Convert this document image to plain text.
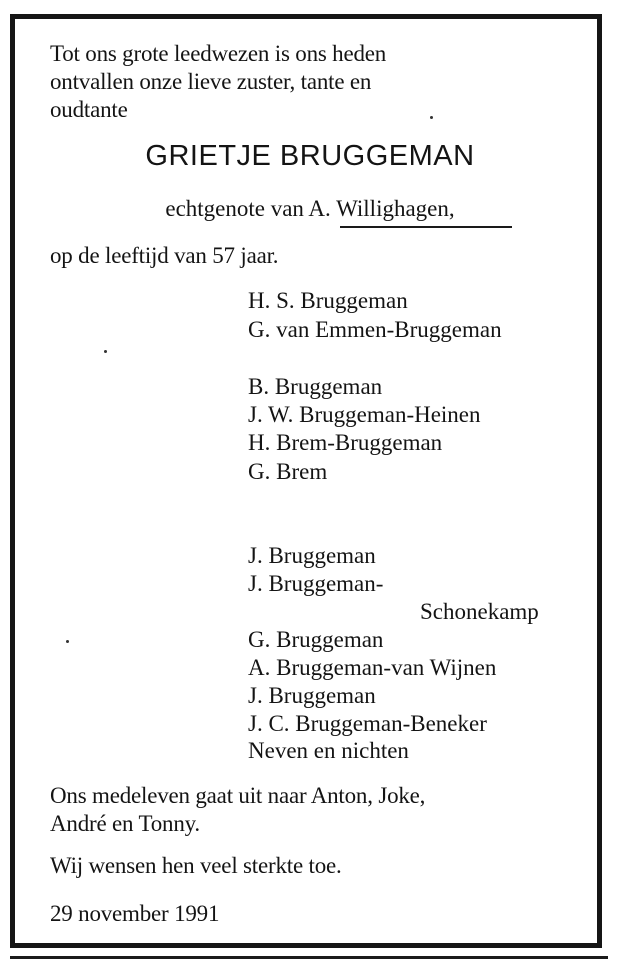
Tot ons grote leedwezen is ons heden
ontvallen onze lieve zuster, tante en
oudtante
GRIETJE BRUGGEMAN
echtgenote van A. Willighagen,
op de leeftijd van 57 jaar.
H. S. Bruggeman
G. van Emmen-Bruggeman
B. Bruggeman
J. W. Bruggeman-Heinen
H. Brem-Bruggeman
G. Brem
J. Bruggeman
J. Bruggeman-
Schonekamp
G. Bruggeman
A. Bruggeman-van Wijnen
J. Bruggeman
J. C. Bruggeman-Beneker
Neven en nichten
Ons medeleven gaat uit naar Anton, Joke,
André en Tonny.
Wij wensen hen veel sterkte toe.
29 november 1991
